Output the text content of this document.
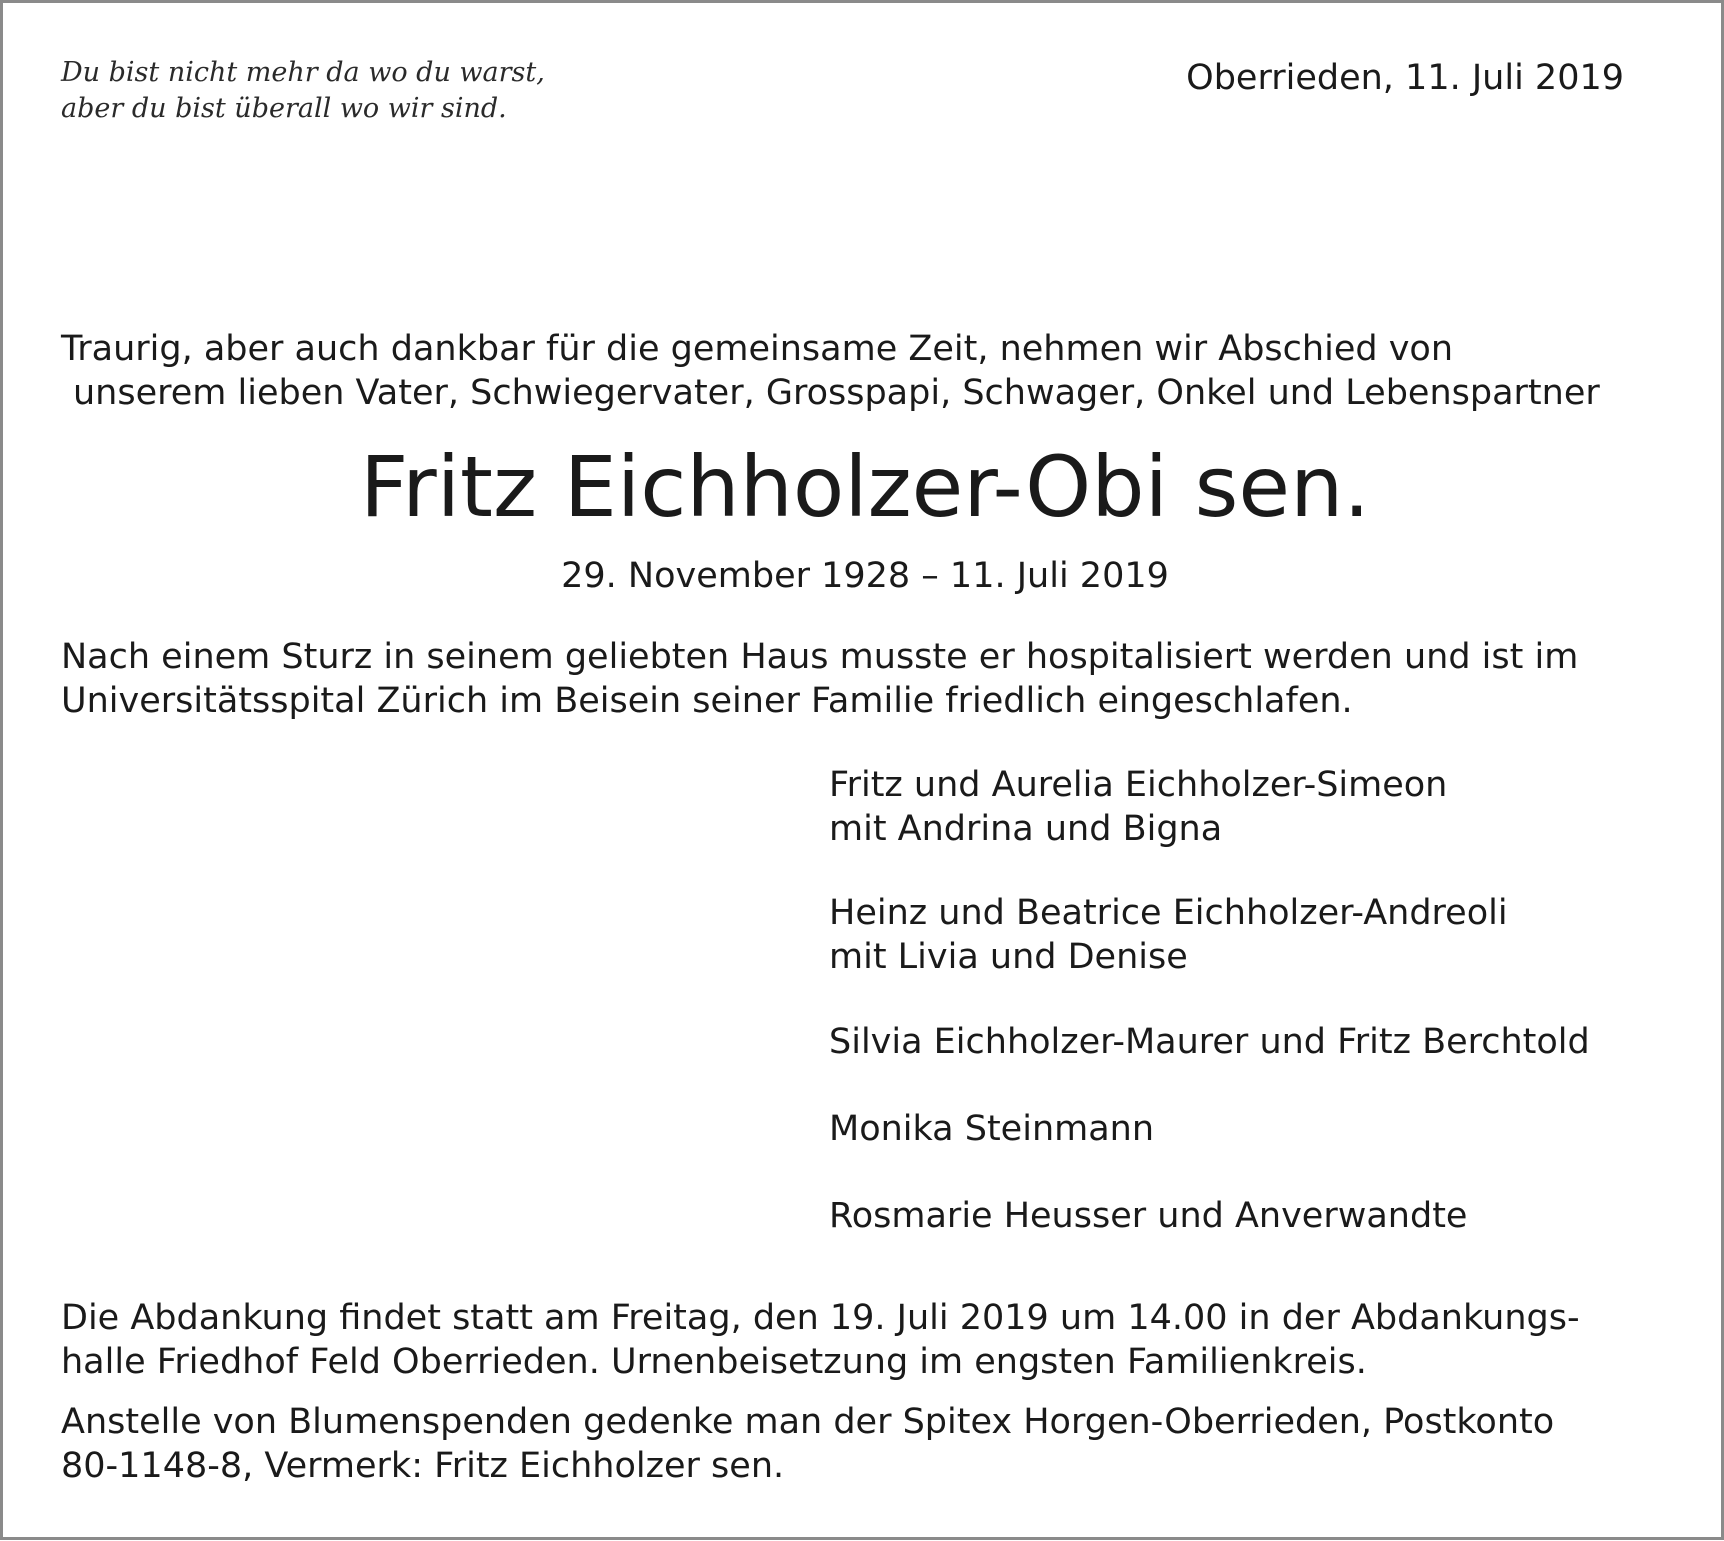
Du bist nicht mehr da wo du warst,
aber du bist überall wo wir sind.
Oberrieden, 11. Juli 2019
Traurig, aber auch dankbar für die gemeinsame Zeit, nehmen wir Abschied von
unserem lieben Vater, Schwiegervater, Grosspapi, Schwager, Onkel und Lebenspartner
Fritz Eichholzer-Obi sen.
29. November 1928 – 11. Juli 2019
Nach einem Sturz in seinem geliebten Haus musste er hospitalisiert werden und ist im
Universitätsspital Zürich im Beisein seiner Familie friedlich eingeschlafen.
Fritz und Aurelia Eichholzer-Simeon
mit Andrina und Bigna
Heinz und Beatrice Eichholzer-Andreoli
mit Livia und Denise
Silvia Eichholzer-Maurer und Fritz Berchtold
Monika Steinmann
Rosmarie Heusser und Anverwandte
Die Abdankung findet statt am Freitag, den 19. Juli 2019 um 14.00 in der Abdankungs-
halle Friedhof Feld Oberrieden. Urnenbeisetzung im engsten Familienkreis.
Anstelle von Blumenspenden gedenke man der Spitex Horgen-Oberrieden, Postkonto
80-1148-8, Vermerk: Fritz Eichholzer sen.
